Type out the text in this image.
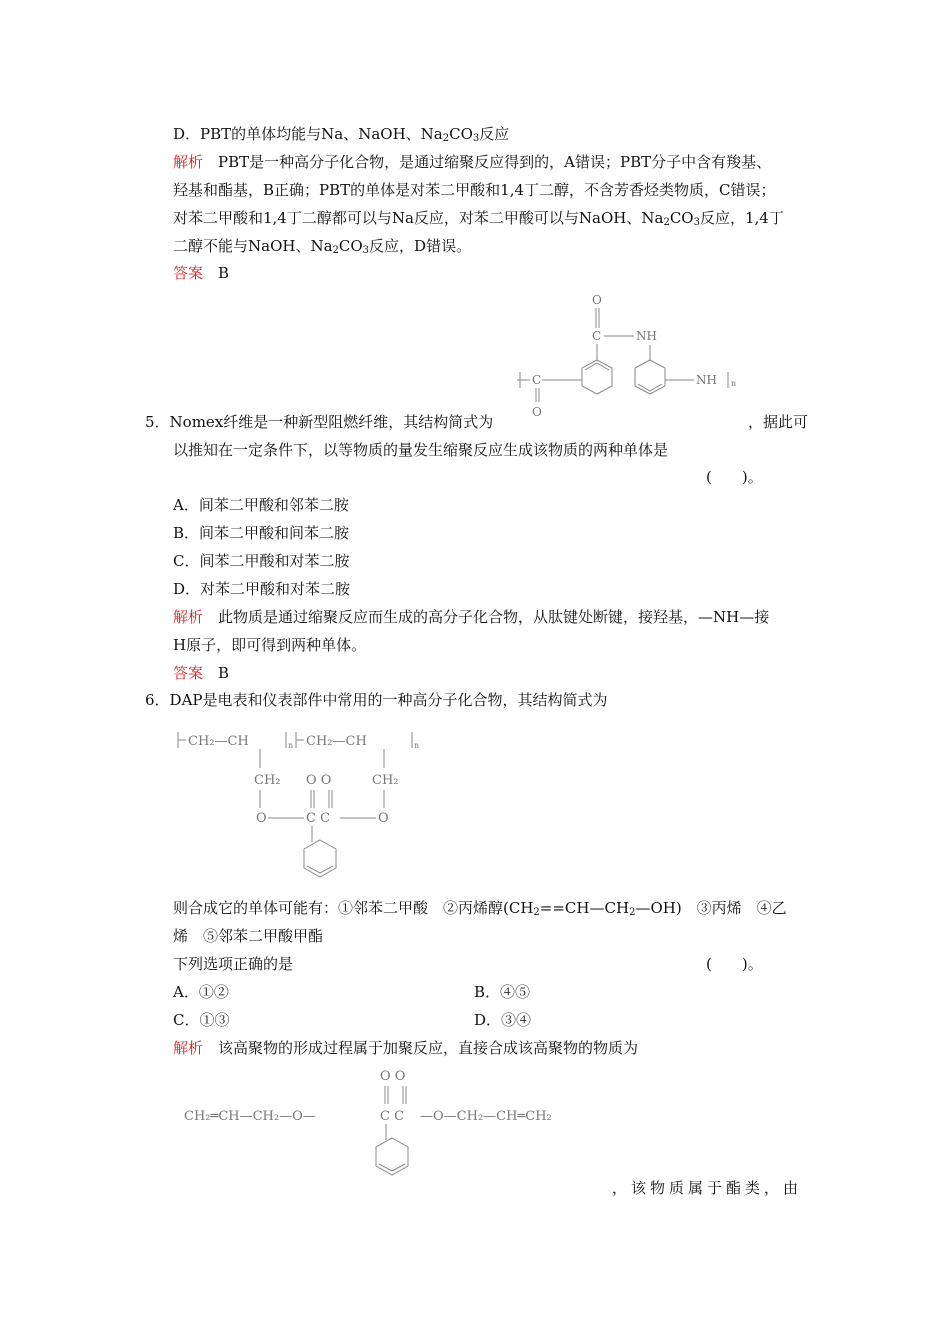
D．PBT的单体均能与Na、NaOH、$Na_2CO_3$反应
解析　 PBT是一种高分子化合物，是通过缩聚反应得到的，A错误；PBT分子中含有羧基、
羟基和酯基，B正确；PBT的单体是对苯二甲酸和1,4丁二醇，不含芳香烃类物质，C错误；
对苯二甲酸和1,4丁二醇都可以与Na反应，对苯二甲酸可以与NaOH、$Na_2CO_3$反应，1,4丁
二醇不能与NaOH、$Na_2CO_3$反应，D错误。
答案　 B
O
C	NH
C
O
NH n
5．Nomex纤维是一种新型阻燃纤维，其结构简式为	，据此可
以推知在一定条件下，以等物质的量发生缩聚反应生成该物质的两种单体是
(　　)。
A．间苯二甲酸和邻苯二胺
B．间苯二甲酸和间苯二胺
C．间苯二甲酸和对苯二胺
D．对苯二甲酸和对苯二胺
解析　 此物质是通过缩聚反应而生成的高分子化合物，从肽键处断键，接羟基，—NH—接
H原子，即可得到两种单体。
答案　 B
6．DAP是电表和仪表部件中常用的一种高分子化合物，其结构简式为
CH₂—CH	n CH₂—CH	n
CH₂	CH₂
O O
O	C C	O
则合成它的单体可能有：①邻苯二甲酸　②丙烯醇$(CH_2==CH—CH_2—OH)$　③丙烯　④乙
烯　⑤邻苯二甲酸甲酯
下列选项正确的是	(　　)。
A．①②	B．④⑤
C．①③	D．③④
解析　 该高聚物的形成过程属于加聚反应，直接合成该高聚物的物质为
O O
CH₂═CH—CH₂—O—	C C —O—CH₂—CH═CH₂
，该物质属于酯类，由
